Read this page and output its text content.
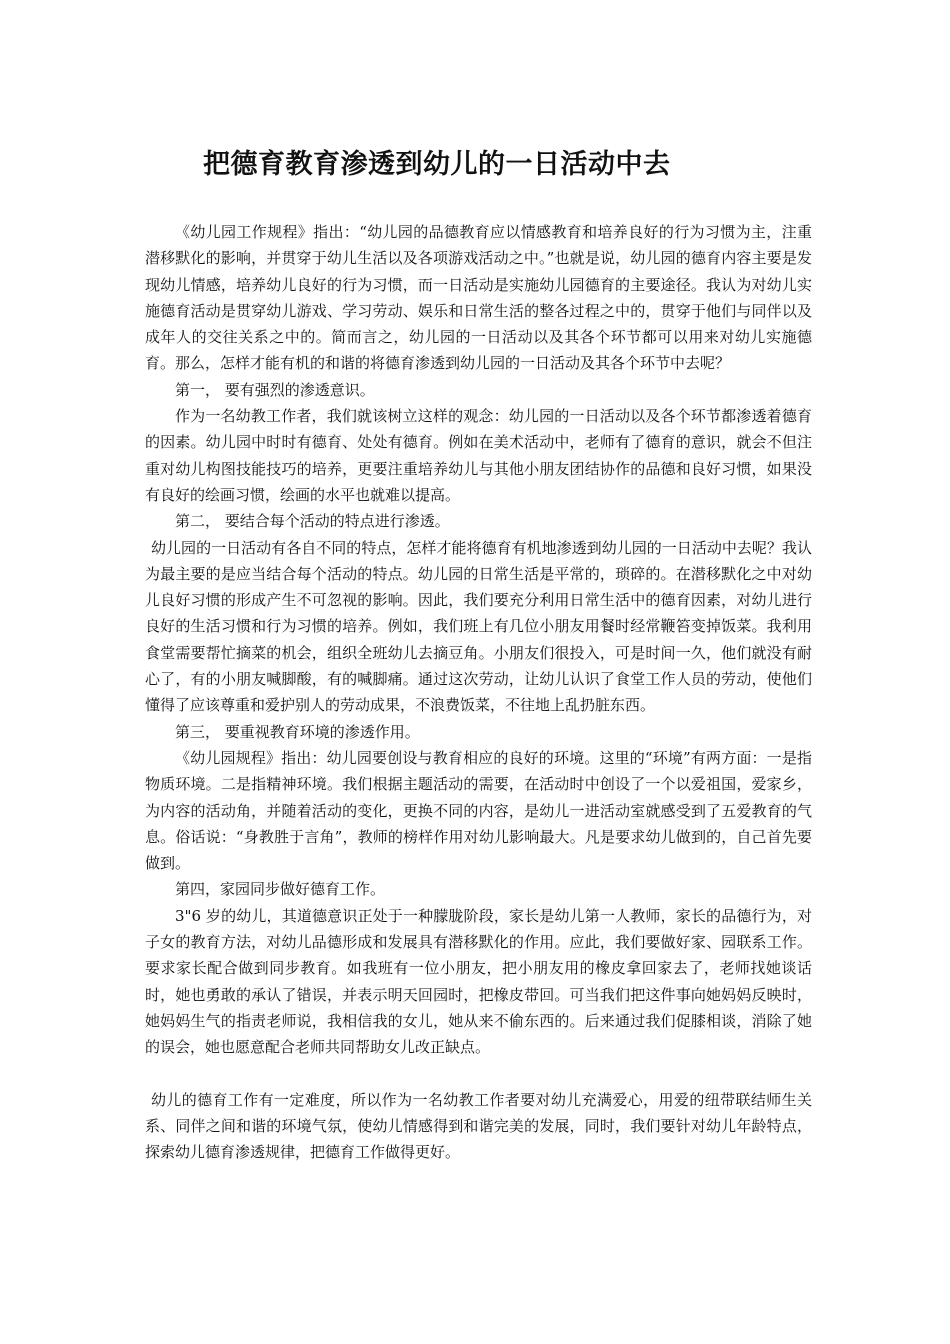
把德育教育渗透到幼儿的一日活动中去

《幼儿园工作规程》指出：“幼儿园的品德教育应以情感教育和培养良好的行为习惯为主，注重潜移默化的影响，并贯穿于幼儿生活以及各项游戏活动之中。”也就是说，幼儿园的德育内容主要是发现幼儿情感，培养幼儿良好的行为习惯，而一日活动是实施幼儿园德育的主要途径。我认为对幼儿实施德育活动是贯穿幼儿游戏、学习劳动、娱乐和日常生活的整各过程之中的，贯穿于他们与同伴以及成年人的交往关系之中的。简而言之，幼儿园的一日活动以及其各个环节都可以用来对幼儿实施德育。那么，怎样才能有机的和谐的将德育渗透到幼儿园的一日活动及其各个环节中去呢？

第一， 要有强烈的渗透意识。

作为一名幼教工作者，我们就该树立这样的观念：幼儿园的一日活动以及各个环节都渗透着德育的因素。幼儿园中时时有德育、处处有德育。例如在美术活动中，老师有了德育的意识，就会不但注重对幼儿构图技能技巧的培养，更要注重培养幼儿与其他小朋友团结协作的品德和良好习惯，如果没有良好的绘画习惯，绘画的水平也就难以提高。

第二， 要结合每个活动的特点进行渗透。

幼儿园的一日活动有各自不同的特点，怎样才能将德育有机地渗透到幼儿园的一日活动中去呢？我认为最主要的是应当结合每个活动的特点。幼儿园的日常生活是平常的，琐碎的。在潜移默化之中对幼儿良好习惯的形成产生不可忽视的影响。因此，我们要充分利用日常生活中的德育因素，对幼儿进行良好的生活习惯和行为习惯的培养。例如，我们班上有几位小朋友用餐时经常鞭笞变掉饭菜。我利用食堂需要帮忙摘菜的机会，组织全班幼儿去摘豆角。小朋友们很投入，可是时间一久，他们就没有耐心了，有的小朋友喊脚酸，有的喊脚痛。通过这次劳动，让幼儿认识了食堂工作人员的劳动，使他们懂得了应该尊重和爱护别人的劳动成果，不浪费饭菜，不往地上乱扔脏东西。

第三， 要重视教育环境的渗透作用。

《幼儿园规程》指出：幼儿园要创设与教育相应的良好的环境。这里的“环境”有两方面：一是指物质环境。二是指精神环境。我们根据主题活动的需要，在活动时中创设了一个以爱祖国，爱家乡，为内容的活动角，并随着活动的变化，更换不同的内容，是幼儿一进活动室就感受到了五爱教育的气息。俗话说：“身教胜于言角”，教师的榜样作用对幼儿影响最大。凡是要求幼儿做到的，自己首先要做到。

第四，家园同步做好德育工作。

3"6 岁的幼儿，其道德意识正处于一种朦胧阶段，家长是幼儿第一人教师，家长的品德行为，对子女的教育方法，对幼儿品德形成和发展具有潜移默化的作用。应此，我们要做好家、园联系工作。要求家长配合做到同步教育。如我班有一位小朋友，把小朋友用的橡皮拿回家去了，老师找她谈话时，她也勇敢的承认了错误，并表示明天回园时，把橡皮带回。可当我们把这件事向她妈妈反映时，她妈妈生气的指责老师说，我相信我的女儿，她从来不偷东西的。后来通过我们促膝相谈，消除了她的误会，她也愿意配合老师共同帮助女儿改正缺点。

幼儿的德育工作有一定难度，所以作为一名幼教工作者要对幼儿充满爱心，用爱的纽带联结师生关系、同伴之间和谐的环境气氛，使幼儿情感得到和谐完美的发展，同时，我们要针对幼儿年龄特点，探索幼儿德育渗透规律，把德育工作做得更好。
